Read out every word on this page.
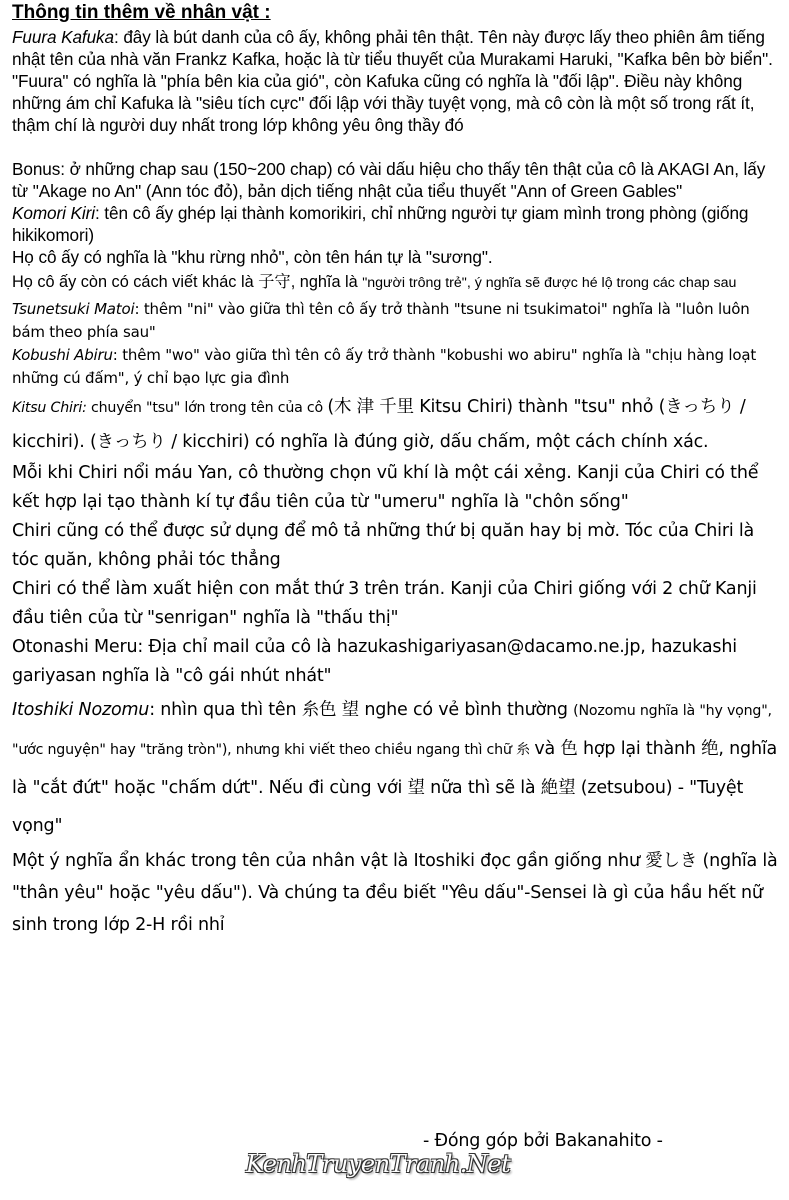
Thông tin thêm về nhân vật :

Fuura Kafuka: đây là bút danh của cô ấy, không phải tên thật. Tên này được lấy theo phiên âm tiếng nhật tên của nhà văn Frankz Kafka, hoặc là từ tiểu thuyết của Murakami Haruki, "Kafka bên bờ biển".

"Fuura" có nghĩa là "phía bên kia của gió", còn Kafuka cũng có nghĩa là "đối lập". Điều này không những ám chỉ Kafuka là "siêu tích cực" đối lập với thầy tuyệt vọng, mà cô còn là một số trong rất ít, thậm chí là người duy nhất trong lớp không yêu ông thầy đó

Bonus: ở những chap sau (150~200 chap) có vài dấu hiệu cho thấy tên thật của cô là AKAGI An, lấy từ "Akage no An" (Ann tóc đỏ), bản dịch tiếng nhật của tiểu thuyết "Ann of Green Gables"

Komori Kiri: tên cô ấy ghép lại thành komorikiri, chỉ những người tự giam mình trong phòng (giống hikikomori)

Họ cô ấy có nghĩa là "khu rừng nhỏ", còn tên hán tự là "sương".

Họ cô ấy còn có cách viết khác là 子守, nghĩa là "người trông trẻ", ý nghĩa sẽ được hé lộ trong các chap sau

Tsunetsuki Matoi: thêm "ni" vào giữa thì tên cô ấy trở thành "tsune ni tsukimatoi" nghĩa là "luôn luôn bám theo phía sau"

Kobushi Abiru: thêm "wo" vào giữa thì tên cô ấy trở thành "kobushi wo abiru" nghĩa là "chịu hàng loạt những cú đấm", ý chỉ bạo lực gia đình

Kitsu Chiri: chuyển "tsu" lớn trong tên của cô (木 津 千里 Kitsu Chiri) thành "tsu" nhỏ (きっちり / kicchiri). (きっちり / kicchiri) có nghĩa là đúng giờ, dấu chấm, một cách chính xác.

Mỗi khi Chiri nổi máu Yan, cô thường chọn vũ khí là một cái xẻng. Kanji của Chiri có thể kết hợp lại tạo thành kí tự đầu tiên của từ "umeru" nghĩa là "chôn sống"

Chiri cũng có thể được sử dụng để mô tả những thứ bị quăn hay bị mờ. Tóc của Chiri là tóc quăn, không phải tóc thẳng

Chiri có thể làm xuất hiện con mắt thứ 3 trên trán. Kanji của Chiri giống với 2 chữ Kanji đầu tiên của từ "senrigan" nghĩa là "thấu thị"

Otonashi Meru: Địa chỉ mail của cô là hazukashigariyasan@dacamo.ne.jp, hazukashi gariyasan nghĩa là "cô gái nhút nhát"

Itoshiki Nozomu: nhìn qua thì tên 糸色 望 nghe có vẻ bình thường (Nozomu nghĩa là "hy vọng", "ước nguyện" hay "trăng tròn"), nhưng khi viết theo chiều ngang thì chữ 糸 và 色 hợp lại thành 绝, nghĩa là "cắt đứt" hoặc "chấm dứt". Nếu đi cùng với 望 nữa thì sẽ là 絶望 (zetsubou) - "Tuyệt vọng"

Một ý nghĩa ẩn khác trong tên của nhân vật là Itoshiki đọc gần giống như 愛しき (nghĩa là "thân yêu" hoặc "yêu dấu"). Và chúng ta đều biết "Yêu dấu"-Sensei là gì của hầu hết nữ sinh trong lớp 2-H rồi nhỉ

- Đóng góp bởi Bakanahito -
KenhTruyenTranh.Net
